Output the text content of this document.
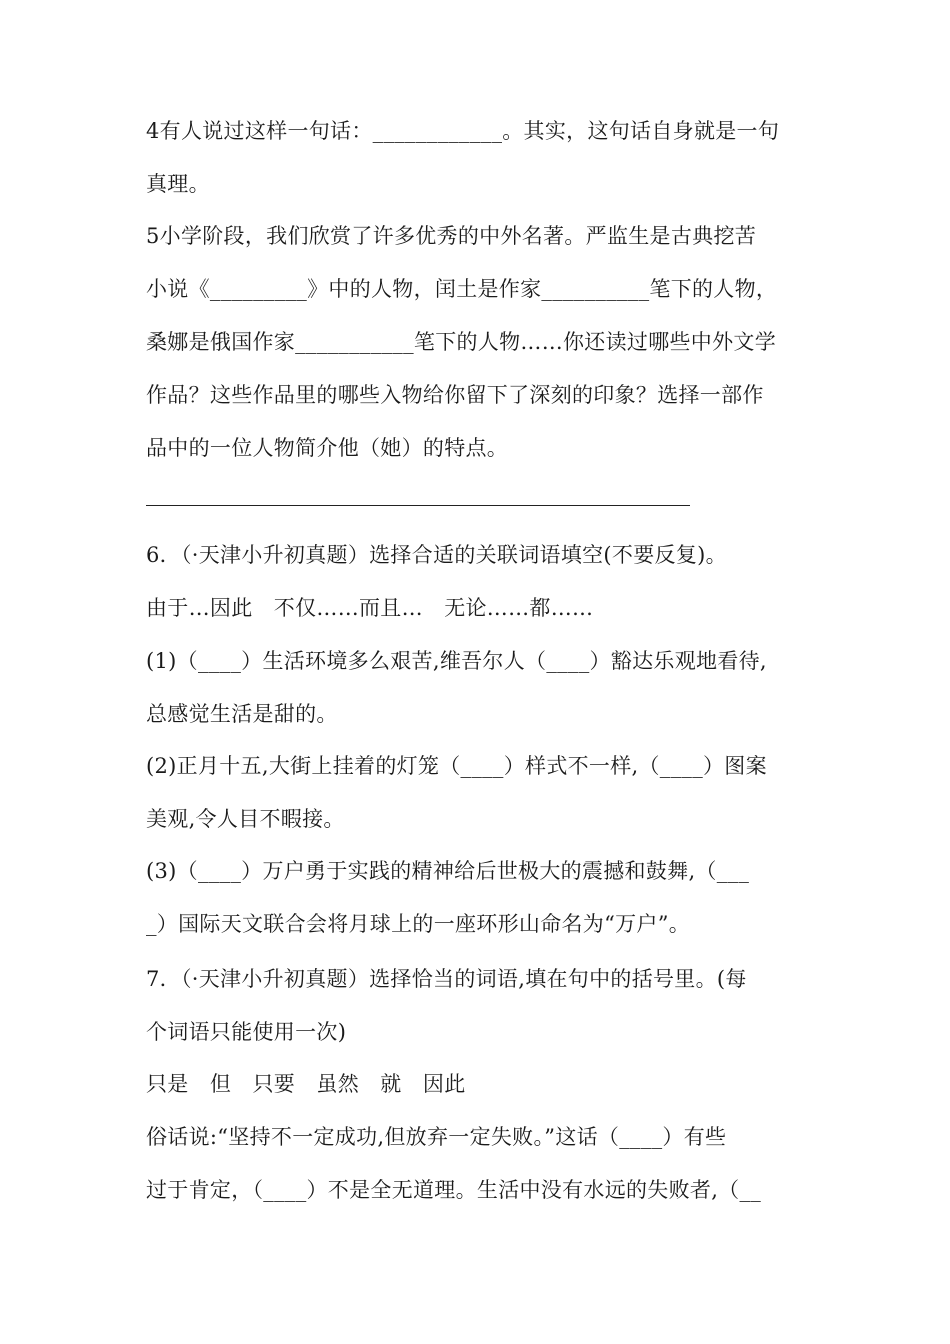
4有人说过这样一句话：____________。其实，这句话自身就是一句
真理。
5小学阶段，我们欣赏了许多优秀的中外名著。严监生是古典挖苦
小说《_________》中的人物，闰土是作家__________笔下的人物，
桑娜是俄国作家___________笔下的人物……你还读过哪些中外文学
作品？这些作品里的哪些入物给你留下了深刻的印象？选择一部作
品中的一位人物简介他（她）的特点。
6．（·天津小升初真题）选择合适的关联词语填空(不要反复)。
由于…因此　不仅……而且…　无论……都……
(1)（____）生活环境多么艰苦,维吾尔人（____）豁达乐观地看待,
总感觉生活是甜的。
(2)正月十五,大街上挂着的灯笼（____）样式不一样,（____）图案
美观,令人目不暇接。
(3)（____）万户勇于实践的精神给后世极大的震撼和鼓舞,（___
_）国际天文联合会将月球上的一座环形山命名为“万户”。
7．（·天津小升初真题）选择恰当的词语,填在句中的括号里。(每
个词语只能使用一次)
只是　但　只要　虽然　就　因此
俗话说:“坚持不一定成功,但放弃一定失败。”这话（____）有些
过于肯定，（____）不是全无道理。生活中没有水远的失败者,（__
